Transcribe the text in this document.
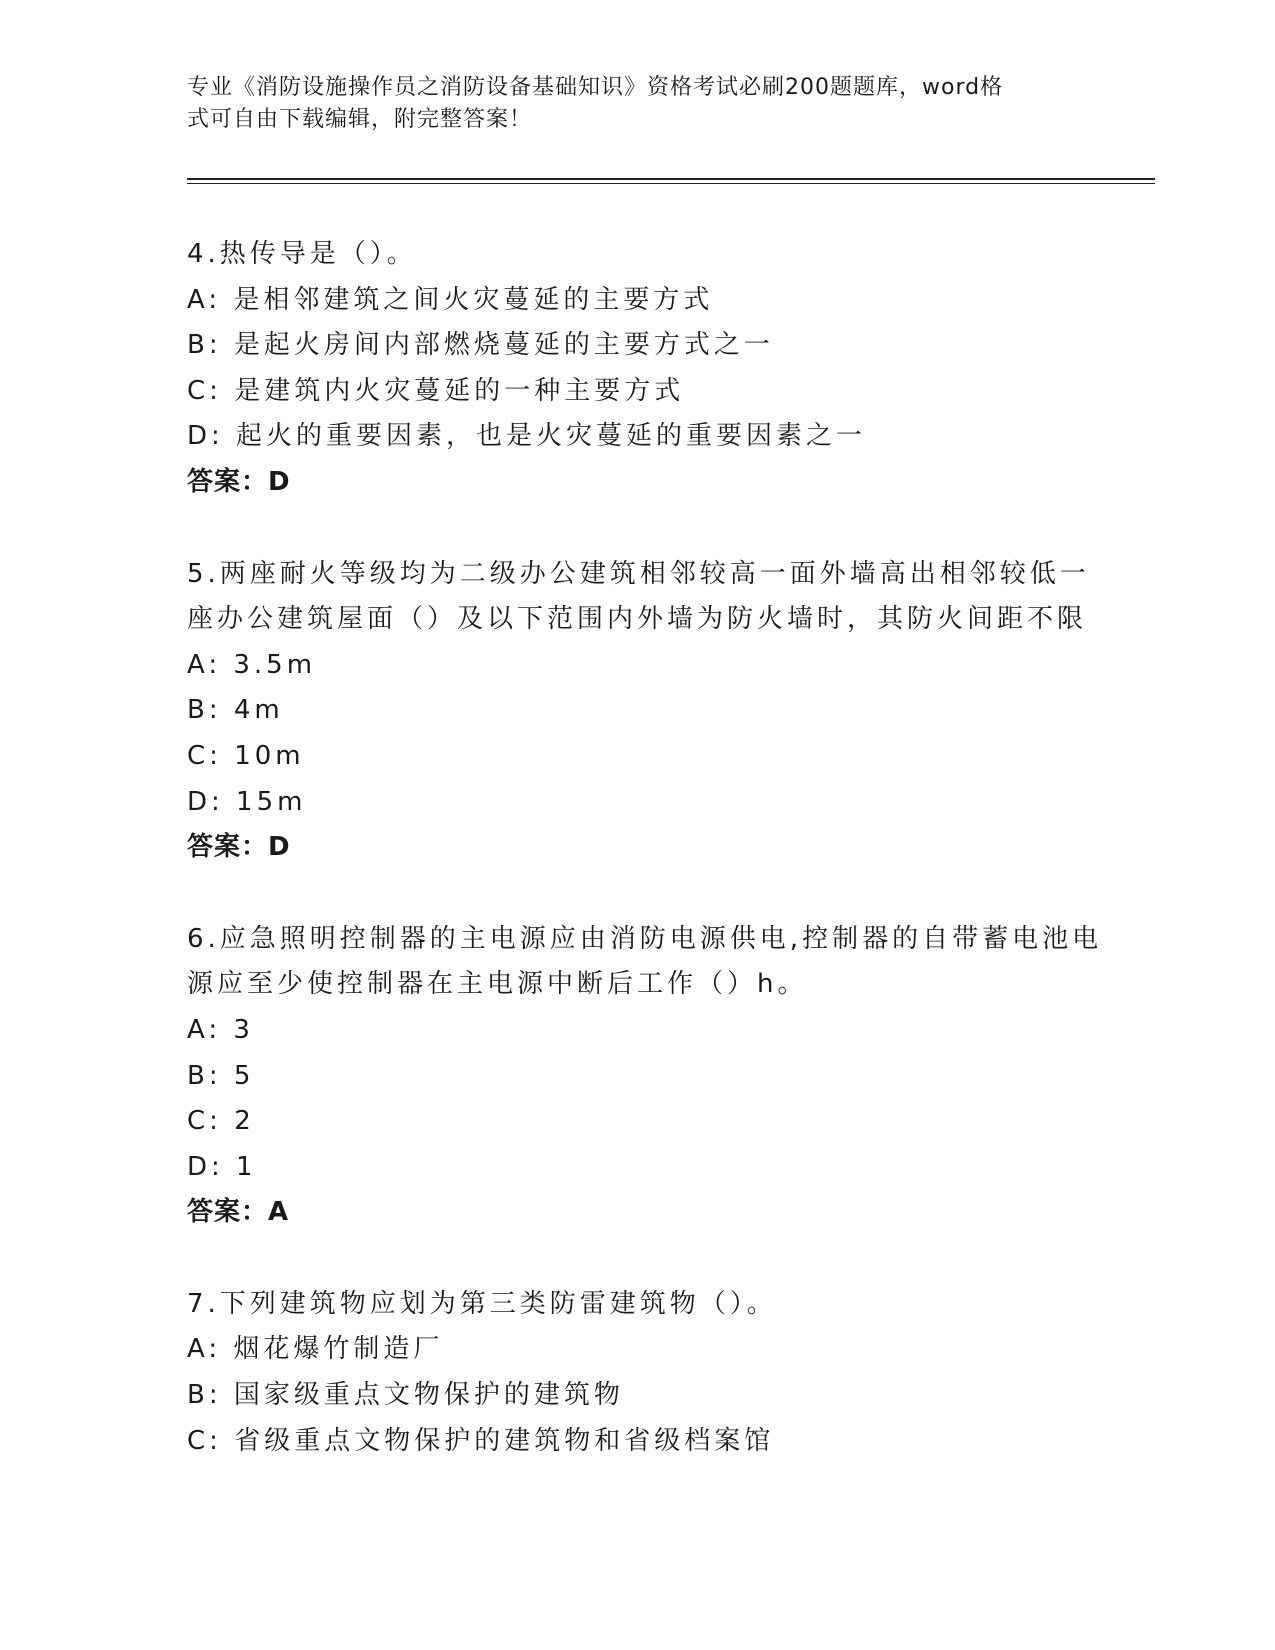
专业《消防设施操作员之消防设备基础知识》资格考试必刷200题题库，word格
式可自由下载编辑，附完整答案！
4.热传导是（）。
A: 是相邻建筑之间火灾蔓延的主要方式
B: 是起火房间内部燃烧蔓延的主要方式之一
C: 是建筑内火灾蔓延的一种主要方式
D: 起火的重要因素，也是火灾蔓延的重要因素之一
答案：D
5.两座耐火等级均为二级办公建筑相邻较高一面外墙高出相邻较低一
座办公建筑屋面（）及以下范围内外墙为防火墙时，其防火间距不限
A: 3.5m
B: 4m
C: 10m
D: 15m
答案：D
6.应急照明控制器的主电源应由消防电源供电,控制器的自带蓄电池电
源应至少使控制器在主电源中断后工作（）h。
A: 3
B: 5
C: 2
D: 1
答案：A
7.下列建筑物应划为第三类防雷建筑物（）。
A: 烟花爆竹制造厂
B: 国家级重点文物保护的建筑物
C: 省级重点文物保护的建筑物和省级档案馆
